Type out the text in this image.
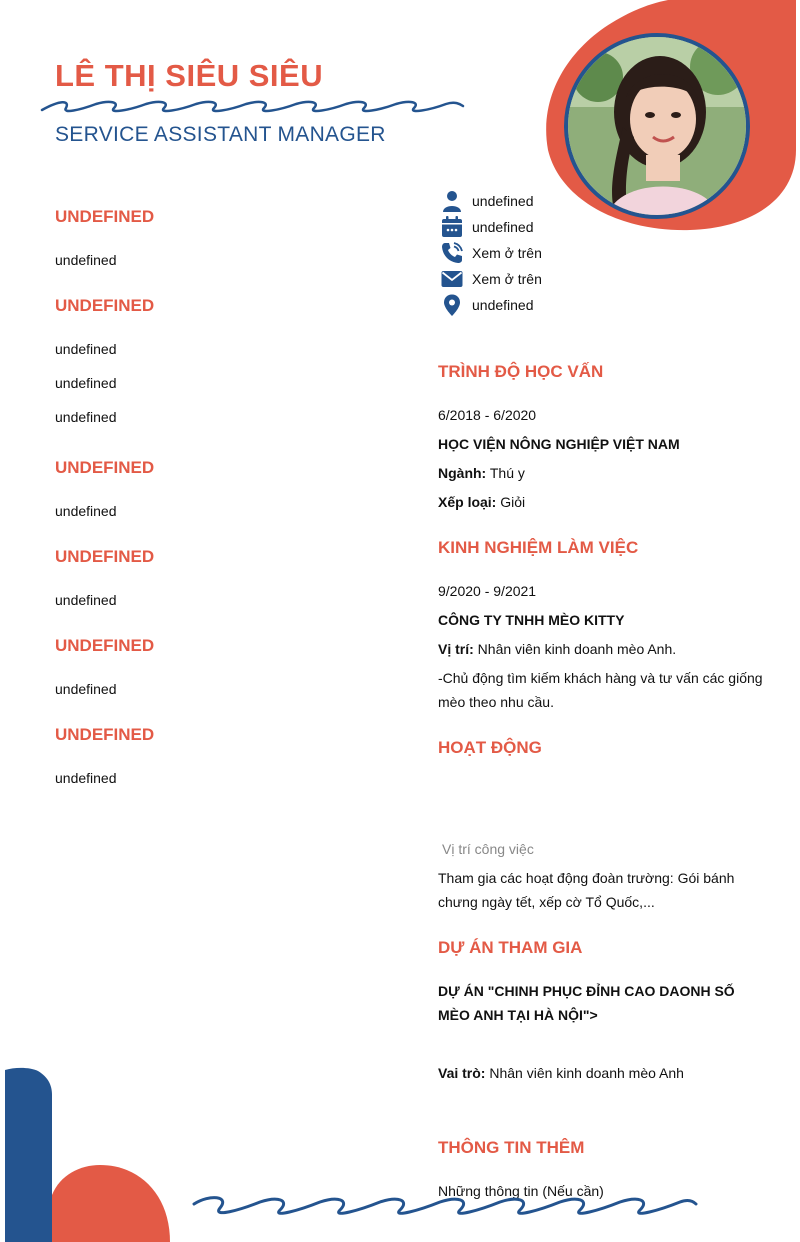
LÊ THỊ SIÊU SIÊU
SERVICE ASSISTANT MANAGER
undefined
undefined
Xem ở trên
Xem ở trên
undefined
UNDEFINED
undefined
UNDEFINED
undefined
undefined
undefined
UNDEFINED
undefined
UNDEFINED
undefined
UNDEFINED
undefined
UNDEFINED
undefined
TRÌNH ĐỘ HỌC VẤN
6/2018 - 6/2020
HỌC VIỆN NÔNG NGHIỆP VIỆT NAM
Ngành: Thú y
Xếp loại: Giỏi
KINH NGHIỆM LÀM VIỆC
9/2020 - 9/2021
CÔNG TY TNHH MÈO KITTY
Vị trí: Nhân viên kinh doanh mèo Anh.
-Chủ động tìm kiếm khách hàng và tư vấn các giống mèo theo nhu cầu.
HOẠT ĐỘNG
Vị trí công việc
Tham gia các hoạt động đoàn trường: Gói bánh chưng ngày tết, xếp cờ Tổ Quốc,...
DỰ ÁN THAM GIA
DỰ ÁN "CHINH PHỤC ĐỈNH CAO DAONH SỐ MÈO ANH TẠI HÀ NỘI">
Vai trò: Nhân viên kinh doanh mèo Anh
THÔNG TIN THÊM
Những thông tin (Nếu cần)
